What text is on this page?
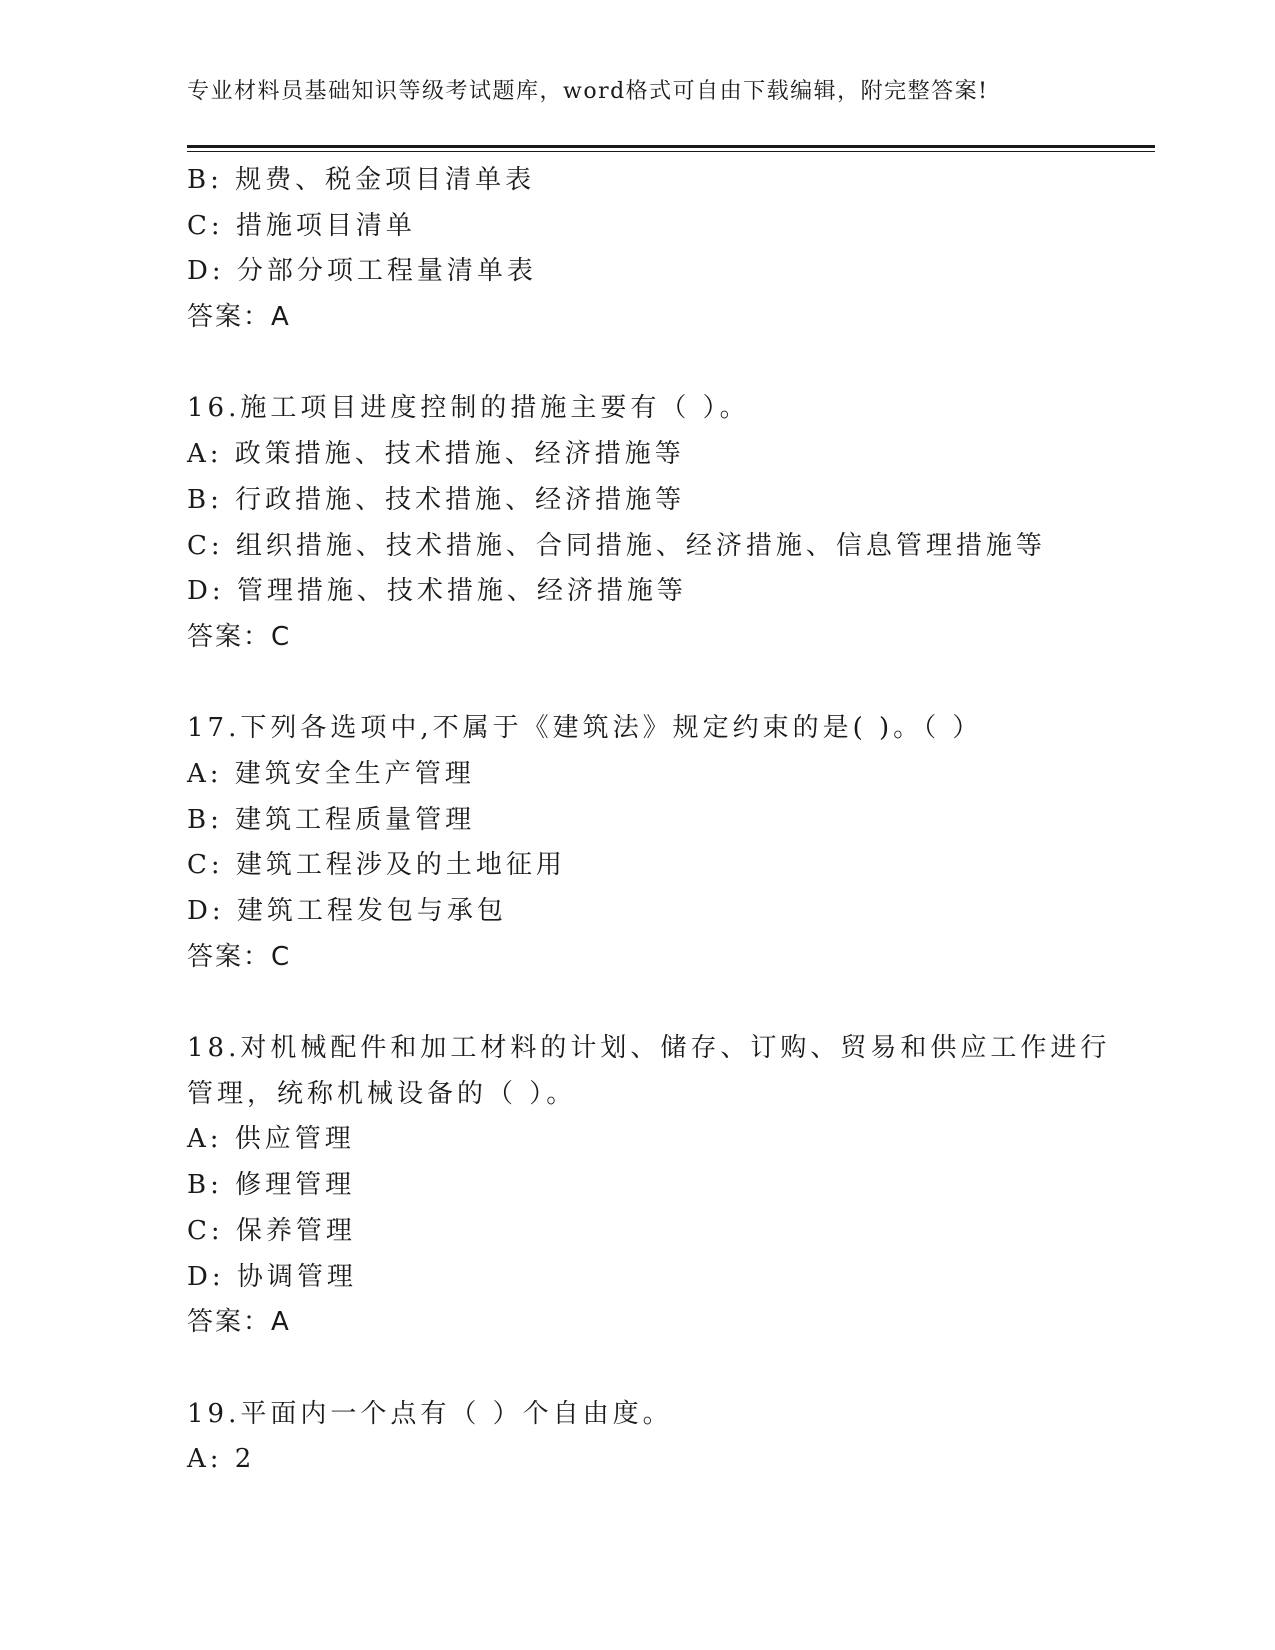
专业材料员基础知识等级考试题库，word格式可自由下载编辑，附完整答案!
B: 规费、税金项目清单表
C: 措施项目清单
D: 分部分项工程量清单表
答案：A
16.施工项目进度控制的措施主要有（ ）。
A: 政策措施、技术措施、经济措施等
B: 行政措施、技术措施、经济措施等
C: 组织措施、技术措施、合同措施、经济措施、信息管理措施等
D: 管理措施、技术措施、经济措施等
答案：C
17.下列各选项中,不属于《建筑法》规定约束的是( )。（ ）
A: 建筑安全生产管理
B: 建筑工程质量管理
C: 建筑工程涉及的土地征用
D: 建筑工程发包与承包
答案：C
18.对机械配件和加工材料的计划、储存、订购、贸易和供应工作进行
管理，统称机械设备的（ ）。
A: 供应管理
B: 修理管理
C: 保养管理
D: 协调管理
答案：A
19.平面内一个点有（ ）个自由度。
A: 2
